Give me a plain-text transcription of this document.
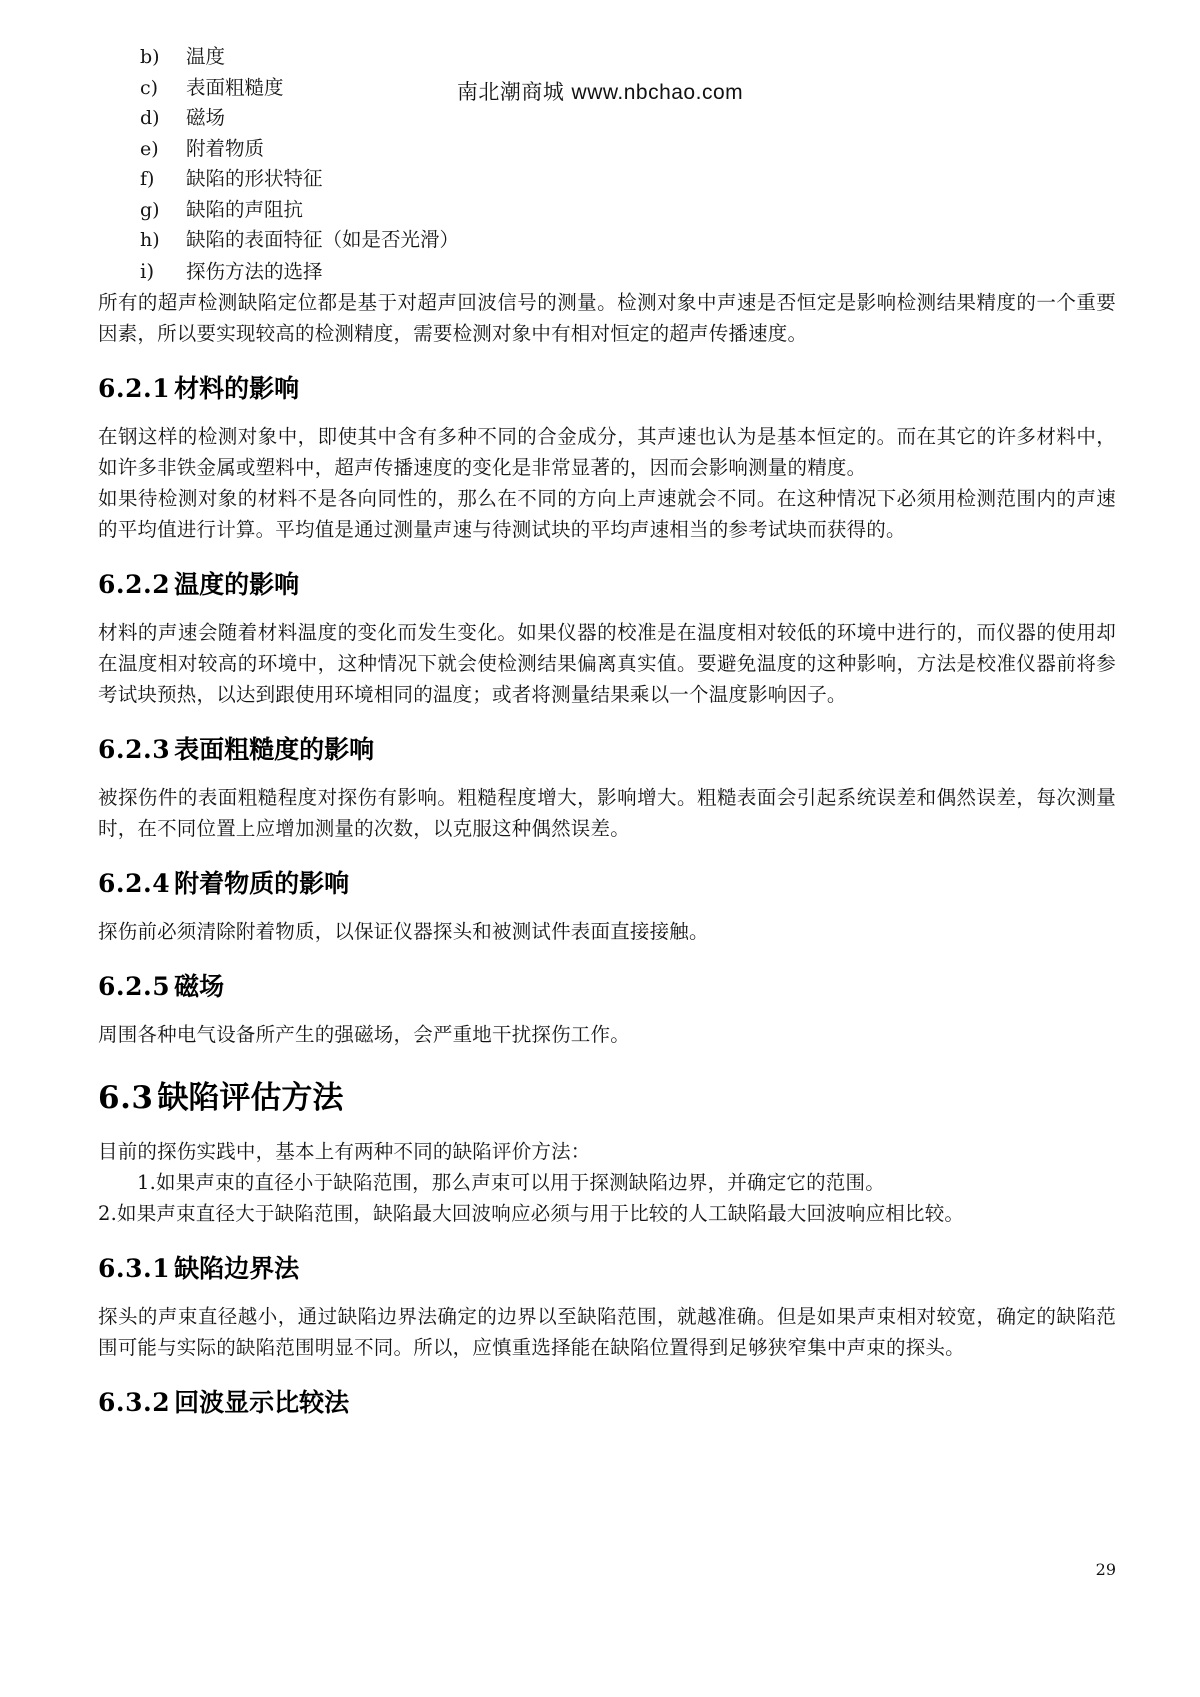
南北潮商城 www.nbchao.com
b)	温度
c)	表面粗糙度
d)	磁场
e)	附着物质
f)	缺陷的形状特征
g)	缺陷的声阻抗
h)	缺陷的表面特征（如是否光滑）
i)	探伤方法的选择

所有的超声检测缺陷定位都是基于对超声回波信号的测量。检测对象中声速是否恒定是影响检测结果精度的一个重要因素，所以要实现较高的检测精度，需要检测对象中有相对恒定的超声传播速度。

6.2.1 材料的影响

在钢这样的检测对象中，即使其中含有多种不同的合金成分，其声速也认为是基本恒定的。而在其它的许多材料中，如许多非铁金属或塑料中，超声传播速度的变化是非常显著的，因而会影响测量的精度。

如果待检测对象的材料不是各向同性的，那么在不同的方向上声速就会不同。在这种情况下必须用检测范围内的声速的平均值进行计算。平均值是通过测量声速与待测试块的平均声速相当的参考试块而获得的。

6.2.2 温度的影响

材料的声速会随着材料温度的变化而发生变化。如果仪器的校准是在温度相对较低的环境中进行的，而仪器的使用却在温度相对较高的环境中，这种情况下就会使检测结果偏离真实值。要避免温度的这种影响，方法是校准仪器前将参考试块预热，以达到跟使用环境相同的温度；或者将测量结果乘以一个温度影响因子。

6.2.3 表面粗糙度的影响

被探伤件的表面粗糙程度对探伤有影响。粗糙程度增大，影响增大。粗糙表面会引起系统误差和偶然误差，每次测量时，在不同位置上应增加测量的次数，以克服这种偶然误差。

6.2.4 附着物质的影响

探伤前必须清除附着物质，以保证仪器探头和被测试件表面直接接触。

6.2.5 磁场

周围各种电气设备所产生的强磁场，会严重地干扰探伤工作。

6.3 缺陷评估方法

目前的探伤实践中，基本上有两种不同的缺陷评价方法：

1.如果声束的直径小于缺陷范围，那么声束可以用于探测缺陷边界，并确定它的范围。

2.如果声束直径大于缺陷范围，缺陷最大回波响应必须与用于比较的人工缺陷最大回波响应相比较。

6.3.1 缺陷边界法

探头的声束直径越小，通过缺陷边界法确定的边界以至缺陷范围，就越准确。但是如果声束相对较宽，确定的缺陷范围可能与实际的缺陷范围明显不同。所以，应慎重选择能在缺陷位置得到足够狭窄集中声束的探头。

6.3.2 回波显示比较法
29
